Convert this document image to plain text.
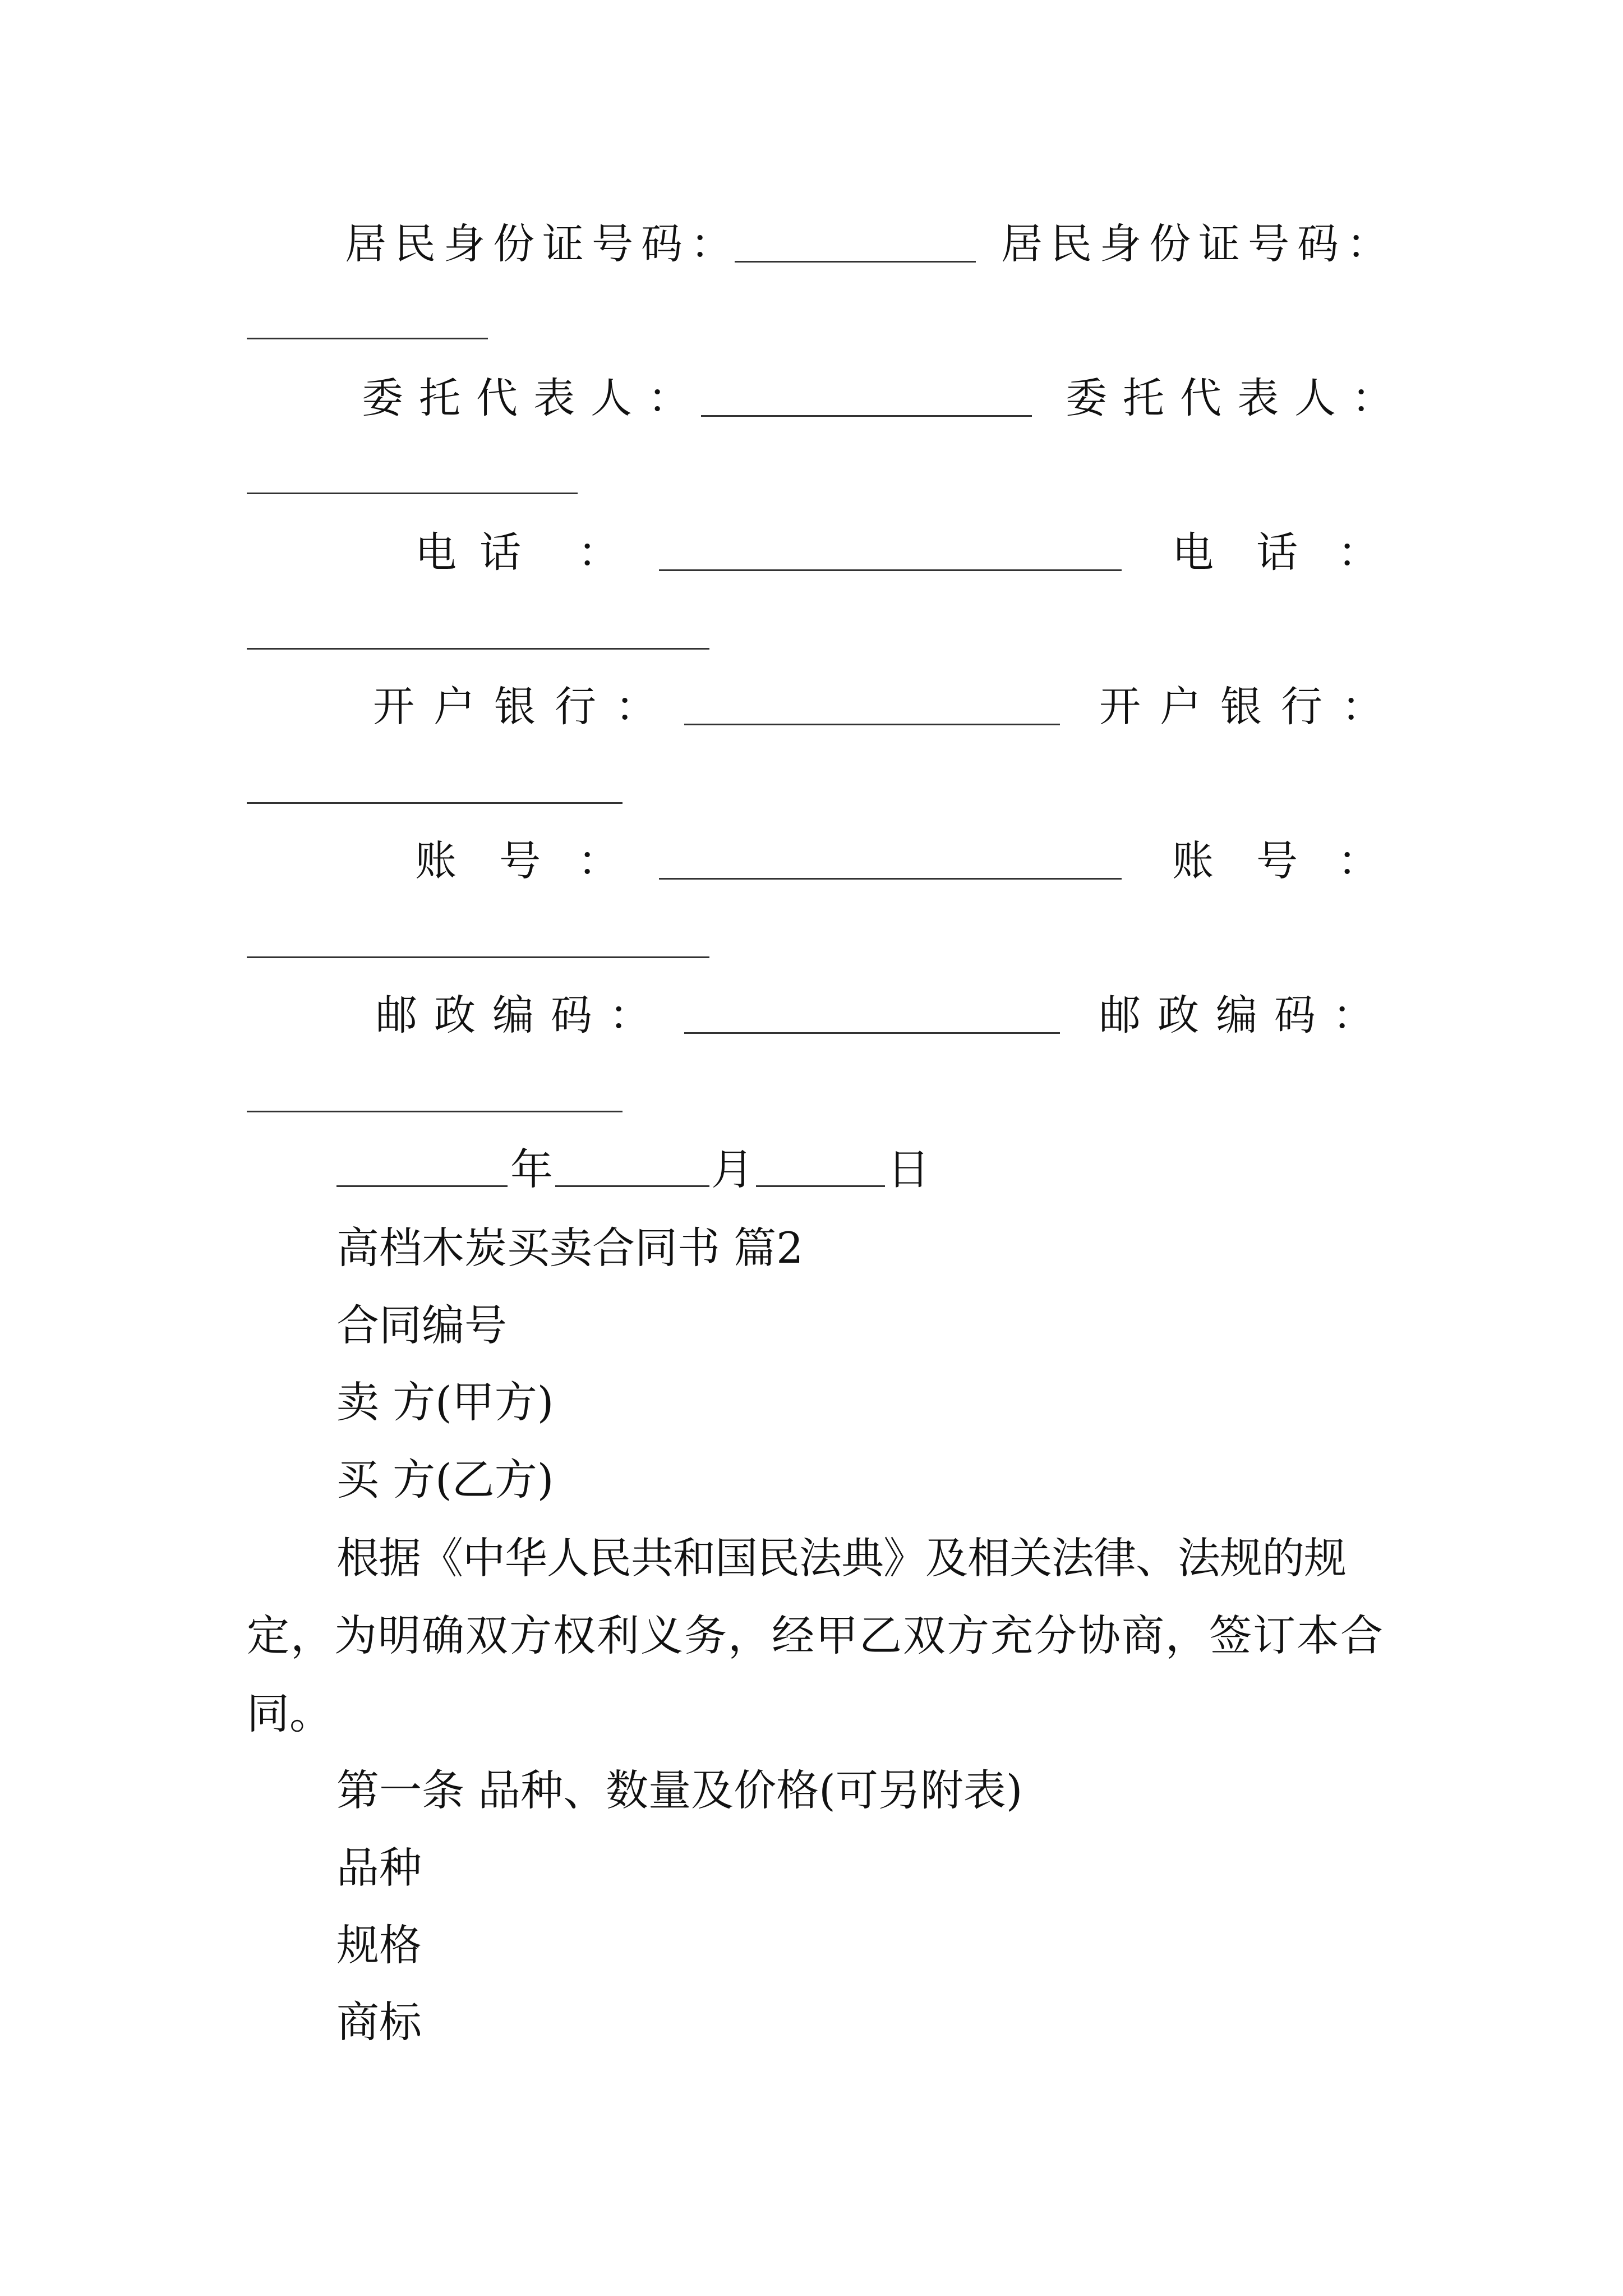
居民身份证号码：	居民身份证号码：
委托代表人：	委托代表人：
电 话 ：	电 话 ：
开户银行：	开户银行：
账 号 ：	账 号 ：
邮政编码：	邮政编码：
年	月	日
高档木炭买卖合同书 篇2
合同编号
卖 方(甲方)
买 方(乙方)
根据《中华人民共和国民法典》及相关法律、法规的规
定，为明确双方权利义务，经甲乙双方充分协商，签订本合
同。
第一条 品种、数量及价格(可另附表)
品种
规格
商标
